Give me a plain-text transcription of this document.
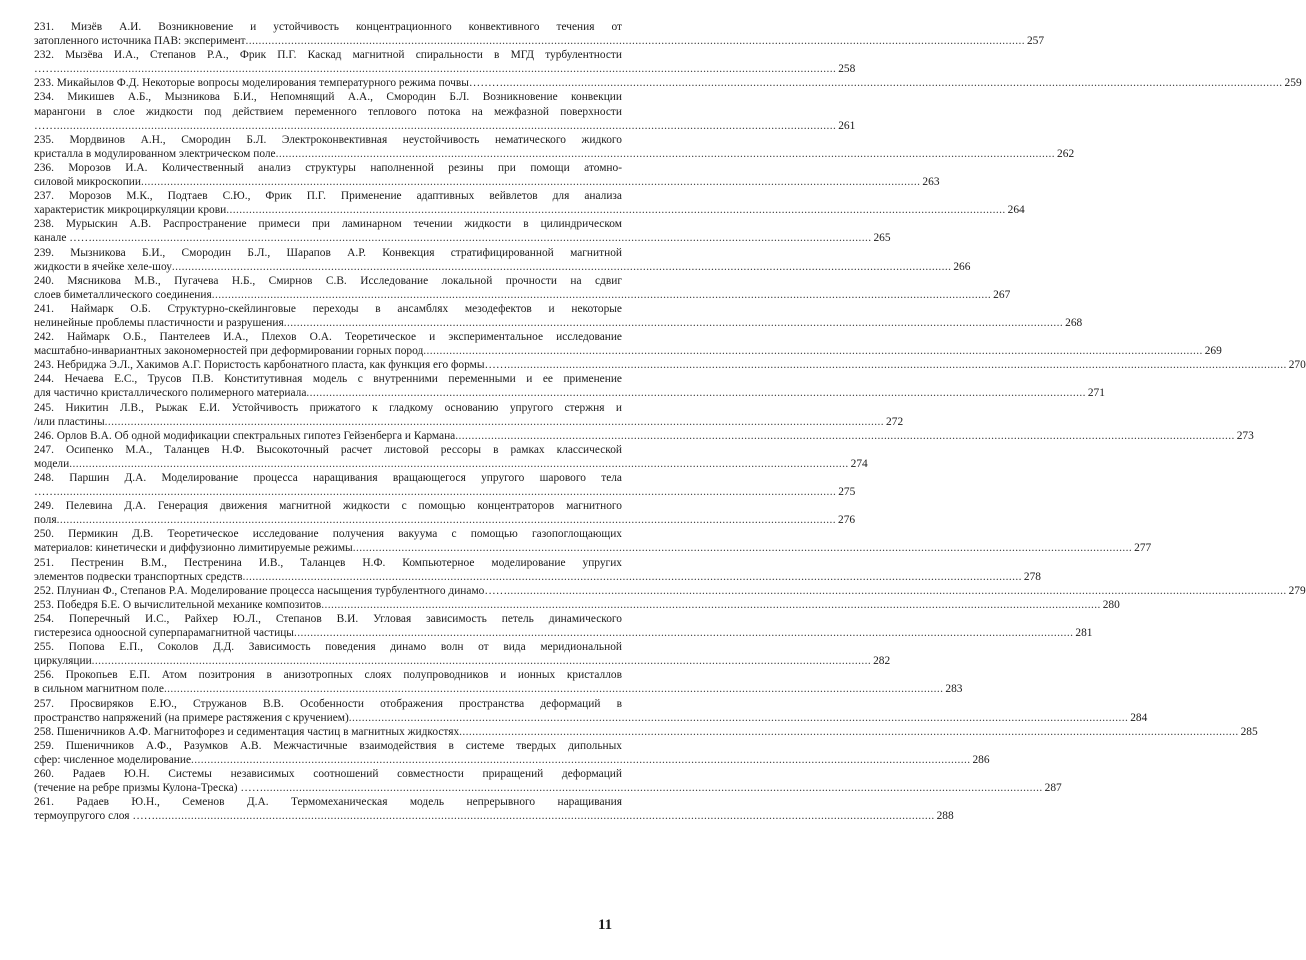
231. Мизёв А.И. Возникновение и устойчивость концентрационного конвективного течения от
затопленного источника ПАВ: эксперимент .....	257
232. Мызёва И.А., Степанов Р.А., Фрик П.Г. Каскад магнитной спиральности в МГД турбулентности
…… .....	258
233. Микайылов Ф.Д. Некоторые вопросы моделирования температурного режима почвы……… .....	259
234. Микишев А.Б., Мызникова Б.И., Непомнящий А.А., Смородин Б.Л. Возникновение конвекции
марангони в слое жидкости под действием переменного теплового потока на межфазной поверхности
…… .....	261
235. Мордвинов А.Н., Смородин Б.Л. Электроконвективная неустойчивость нематического жидкого
кристалла в модулированном электрическом поле .....	262
236. Морозов И.А. Количественный анализ структуры наполненной резины при помощи атомно-
силовой микроскопии .....	263
237. Морозов М.К., Подтаев С.Ю., Фрик П.Г. Применение адаптивных вейвлетов для анализа
характеристик микроциркуляции крови .....	264
238. Мурыскин А.В. Распространение примеси при ламинарном течении жидкости в цилиндрическом
канале …… .....	265
239. Мызникова Б.И., Смородин Б.Л., Шарапов А.Р. Конвекция стратифицированной магнитной
жидкости в ячейке хеле-шоу .....	266
240. Мясникова М.В., Пугачева Н.Б., Смирнов С.В. Исследование локальной прочности на сдвиг
слоев биметаллического соединения .....	267
241. Наймарк О.Б. Структурно-скейлинговые переходы в ансамблях мезодефектов и некоторые
нелинейные проблемы пластичности и разрушения .....	268
242. Наймарк О.Б., Пантелеев И.А., Плехов О.А. Теоретическое и экспериментальное исследование
масштабно-инвариантных закономерностей при деформировании горных пород .....	269
243. Небриджа Э.Л., Хакимов А.Г. Пористость карбонатного пласта, как функция его формы…… .....	270
244. Нечаева Е.С., Трусов П.В. Конститутивная модель с внутренними переменными и ее применение
для частично кристаллического полимерного материала .....	271
245. Никитин Л.В., Рыжак Е.И. Устойчивость прижатого к гладкому основанию упругого стержня и
/или пластины .....	272
246. Орлов В.А. Об одной модификации спектральных гипотез Гейзенберга и Кармана .....	273
247. Осипенко М.А., Таланцев Н.Ф. Высокоточный расчет листовой рессоры в рамках классической
модели .....	274
248. Паршин Д.А. Моделирование процесса наращивания вращающегося упругого шарового тела
…… .....	275
249. Пелевина Д.А. Генерация движения магнитной жидкости с помощью концентраторов магнитного
поля .....	276
250. Пермикин Д.В. Теоретическое исследование получения вакуума с помощью газопоглощающих
материалов: кинетически и диффузионно лимитируемые режимы .....	277
251. Пестренин В.М., Пестренина И.В., Таланцев Н.Ф. Компьютерное моделирование упругих
элементов подвески транспортных средств .....	278
252. Плуниан Ф., Степанов Р.А. Моделирование процесса насыщения турбулентного динамо…… .....	279
253. Победря Б.Е. О вычислительной механике композитов .....	280
254. Поперечный И.С., Райхер Ю.Л., Степанов В.И. Угловая зависимость петель динамического
гистерезиса однoосной суперпарамагнитной частицы .....	281
255. Попова Е.П., Соколов Д.Д. Зависимость поведения динамо волн от вида меридиональной
циркуляции .....	282
256. Прокопьев Е.П. Атом позитрония в анизотропных слоях полупроводников и ионных кристаллов
в сильном магнитном поле .....	283
257. Просвиряков Е.Ю., Стружанов В.В. Особенности отображения пространства деформаций в
пространство напряжений (на примере растяжения с кручением) .....	284
258. Пшеничников А.Ф. Магнитофорез и седиментация частиц в магнитных жидкостях .....	285
259. Пшеничников А.Ф., Разумков А.В. Межчастичные взаимодействия в системе твердых дипольных
сфер: численное моделирование .....	286
260. Радаев Ю.Н. Системы независимых соотношений совместности приращений деформаций
(течение на ребре призмы Кулона-Треска) …… .....	287
261. Радаев Ю.Н., Семенов Д.А. Термомеханическая модель непрерывного наращивания
термоупругого слоя …… .....	288
11
